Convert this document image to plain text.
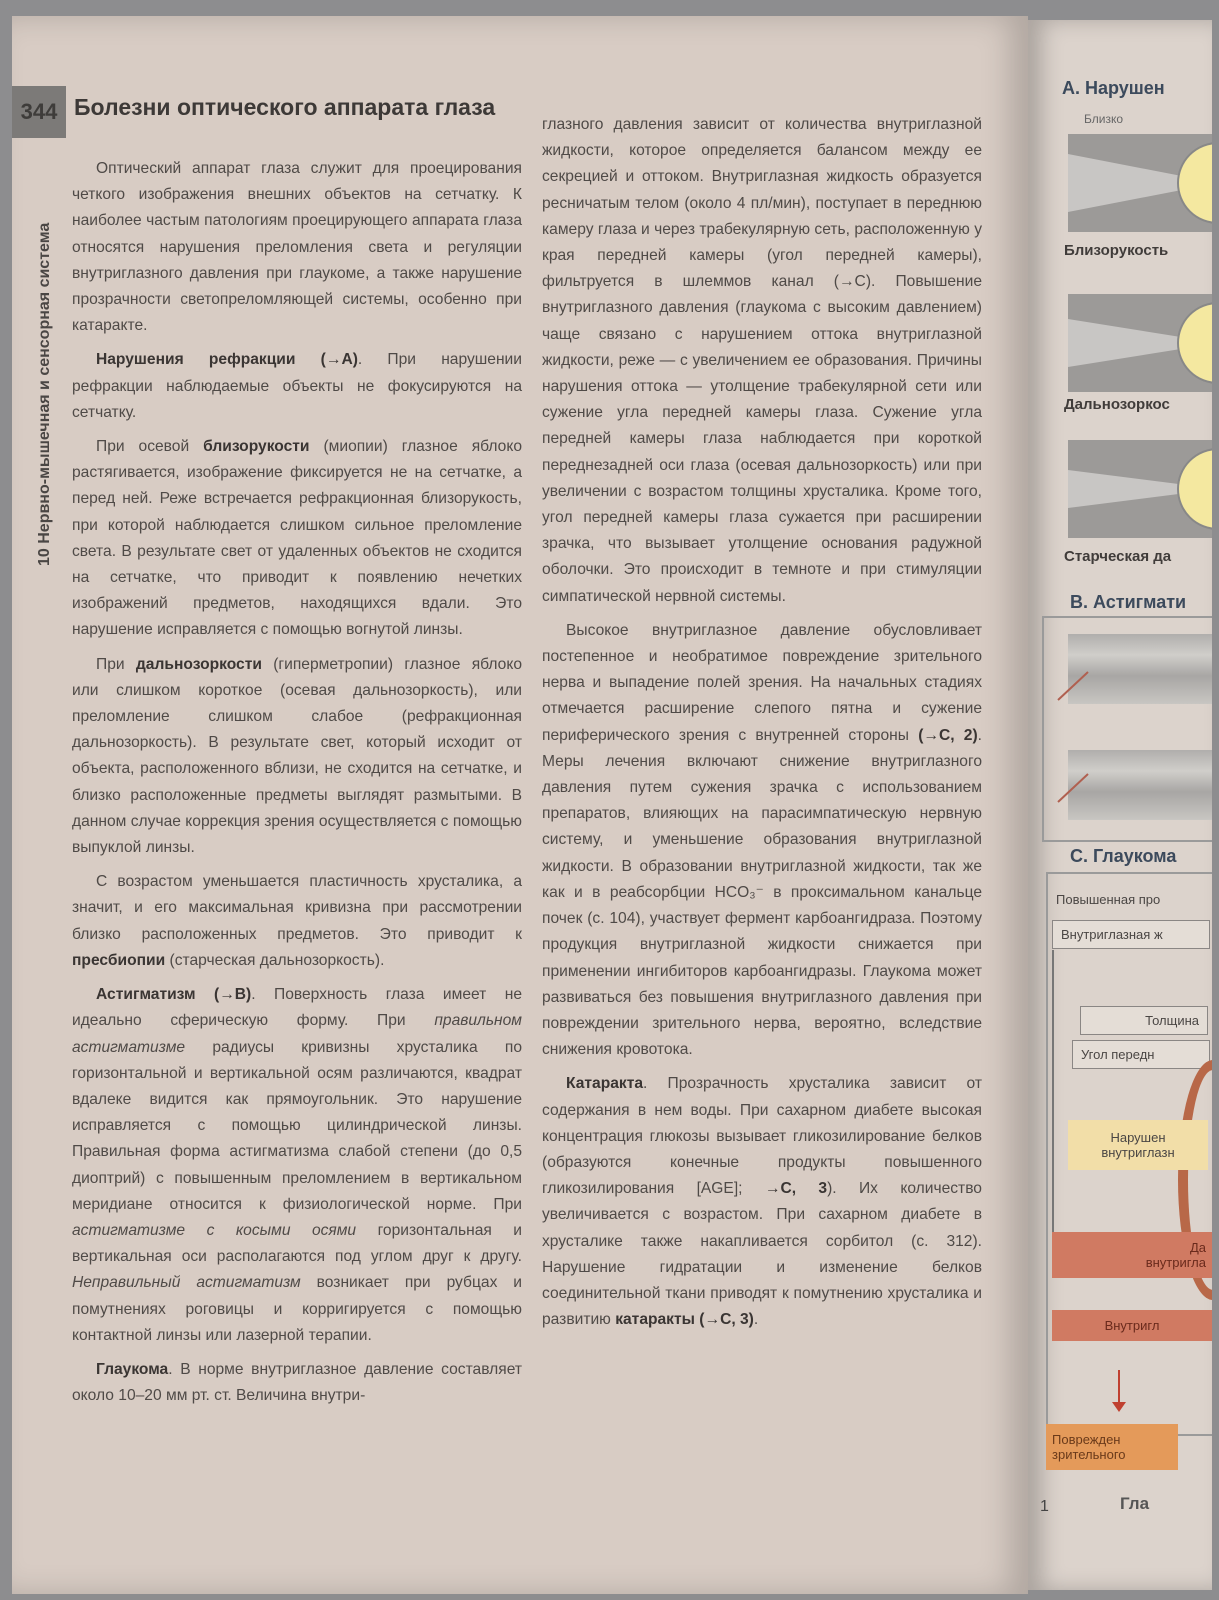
344
10 Нервно-мышечная и сенсорная система
Болезни оптического аппарата глаза

Оптический аппарат глаза служит для проецирования четкого изображения внешних объектов на сетчатку. К наиболее частым патологиям проецирующего аппарата глаза относятся нарушения преломления света и регуляции внутриглазного давления при глаукоме, а также нарушение прозрачности светопреломляющей системы, особенно при катаракте.

Нарушения рефракции (→A). При нарушении рефракции наблюдаемые объекты не фокусируются на сетчатку.

При осевой близорукости (миопии) глазное яблоко растягивается, изображение фиксируется не на сетчатке, а перед ней. Реже встречается рефракционная близорукость, при которой наблюдается слишком сильное преломление света. В результате свет от удаленных объектов не сходится на сетчатке, что приводит к появлению нечетких изображений предметов, находящихся вдали. Это нарушение исправляется с помощью вогнутой линзы.

При дальнозоркости (гиперметропии) глазное яблоко или слишком короткое (осевая дальнозоркость), или преломление слишком слабое (рефракционная дальнозоркость). В результате свет, который исходит от объекта, расположенного вблизи, не сходится на сетчатке, и близко расположенные предметы выглядят размытыми. В данном случае коррекция зрения осуществляется с помощью выпуклой линзы.

С возрастом уменьшается пластичность хрусталика, а значит, и его максимальная кривизна при рассмотрении близко расположенных предметов. Это приводит к пресбиопии (старческая дальнозоркость).

Астигматизм (→B). Поверхность глаза имеет не идеально сферическую форму. При правильном астигматизме радиусы кривизны хрусталика по горизонтальной и вертикальной осям различаются, квадрат вдалеке видится как прямоугольник. Это нарушение исправляется с помощью цилиндрической линзы. Правильная форма астигматизма слабой степени (до 0,5 диоптрий) с повышенным преломлением в вертикальном меридиане относится к физиологической норме. При астигматизме с косыми осями горизонтальная и вертикальная оси располагаются под углом друг к другу. Неправильный астигматизм возникает при рубцах и помутнениях роговицы и корригируется с помощью контактной линзы или лазерной терапии.

Глаукома. В норме внутриглазное давление составляет около 10–20 мм рт. ст. Величина внутри-

глазного давления зависит от количества внутриглазной жидкости, которое определяется балансом между ее секрецией и оттоком. Внутриглазная жидкость образуется ресничатым телом (около 4 пл/мин), поступает в переднюю камеру глаза и через трабекулярную сеть, расположенную у края передней камеры (угол передней камеры), фильтруется в шлеммов канал (→C). Повышение внутриглазного давления (глаукома с высоким давлением) чаще связано с нарушением оттока внутриглазной жидкости, реже — с увеличением ее образования. Причины нарушения оттока — утолщение трабекулярной сети или сужение угла передней камеры глаза. Сужение угла передней камеры глаза наблюдается при короткой переднезадней оси глаза (осевая дальнозоркость) или при увеличении с возрастом толщины хрусталика. Кроме того, угол передней камеры глаза сужается при расширении зрачка, что вызывает утолщение основания радужной оболочки. Это происходит в темноте и при стимуляции симпатической нервной системы.

Высокое внутриглазное давление обусловливает постепенное и необратимое повреждение зрительного нерва и выпадение полей зрения. На начальных стадиях отмечается расширение слепого пятна и сужение периферического зрения с внутренней стороны (→C, 2). Меры лечения включают снижение внутриглазного давления путем сужения зрачка с использованием препаратов, влияющих на парасимпатическую нервную систему, и уменьшение образования внутриглазной жидкости. В образовании внутриглазной жидкости, так же как и в реабсорбции HCO₃⁻ в проксимальном канальце почек (с. 104), участвует фермент карбоангидраза. Поэтому продукция внутриглазной жидкости снижается при применении ингибиторов карбоангидразы. Глаукома может развиваться без повышения внутриглазного давления при повреждении зрительного нерва, вероятно, вследствие снижения кровотока.

Катаракта. Прозрачность хрусталика зависит от содержания в нем воды. При сахарном диабете высокая концентрация глюкозы вызывает гликозилирование белков (образуются конечные продукты повышенного гликозилирования [AGE]; →C, 3). Их количество увеличивается с возрастом. При сахарном диабете в хрусталике также накапливается сорбитол (с. 312). Нарушение гидратации и изменение белков соединительной ткани приводят к помутнению хрусталика и развитию катаракты (→C, 3).

А. Нарушен
Близко
Близорукость
Дальнозоркос
Старческая да
B. Астигмати
C. Глаукома
Повышенная про
Внутриглазная ж
Толщина
Угол передн
Нарушен
внутриглазн
Да
внутригла
Внутригл
Поврежден
зрительного
1	Гла
